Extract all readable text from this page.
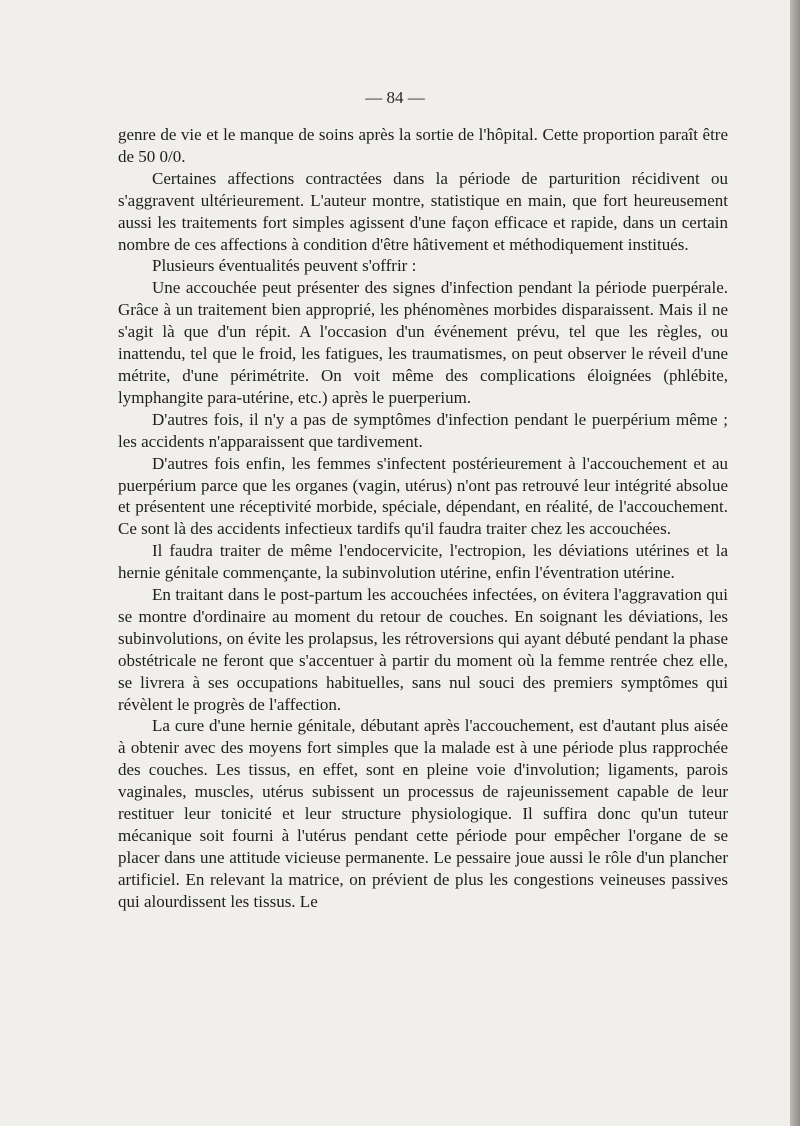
— 84 —

genre de vie et le manque de soins après la sortie de l'hôpital. Cette proportion paraît être de 50 0/0.

Certaines affections contractées dans la période de parturition récidivent ou s'aggravent ultérieurement. L'auteur montre, statistique en main, que fort heureusement aussi les traitements fort simples agissent d'une façon efficace et rapide, dans un certain nombre de ces affections à condition d'être hâtivement et méthodiquement institués.

Plusieurs éventualités peuvent s'offrir :

Une accouchée peut présenter des signes d'infection pendant la période puerpérale. Grâce à un traitement bien approprié, les phénomènes morbides disparaissent. Mais il ne s'agit là que d'un répit. A l'occasion d'un événement prévu, tel que les règles, ou inattendu, tel que le froid, les fatigues, les traumatismes, on peut observer le réveil d'une métrite, d'une périmétrite. On voit même des complications éloignées (phlébite, lymphangite para-utérine, etc.) après le puerperium.

D'autres fois, il n'y a pas de symptômes d'infection pendant le puerpérium même ; les accidents n'apparaissent que tardivement.

D'autres fois enfin, les femmes s'infectent postérieurement à l'accouchement et au puerpérium parce que les organes (vagin, utérus) n'ont pas retrouvé leur intégrité absolue et présentent une réceptivité morbide, spéciale, dépendant, en réalité, de l'accouchement. Ce sont là des accidents infectieux tardifs qu'il faudra traiter chez les accouchées.

Il faudra traiter de même l'endocervicite, l'ectropion, les déviations utérines et la hernie génitale commençante, la subinvolution utérine, enfin l'éventration utérine.

En traitant dans le post-partum les accouchées infectées, on évitera l'aggravation qui se montre d'ordinaire au moment du retour de couches. En soignant les déviations, les subinvolutions, on évite les prolapsus, les rétroversions qui ayant débuté pendant la phase obstétricale ne feront que s'accentuer à partir du moment où la femme rentrée chez elle, se livrera à ses occupations habituelles, sans nul souci des premiers symptômes qui révèlent le progrès de l'affection.

La cure d'une hernie génitale, débutant après l'accouchement, est d'autant plus aisée à obtenir avec des moyens fort simples que la malade est à une période plus rapprochée des couches. Les tissus, en effet, sont en pleine voie d'involution; ligaments, parois vaginales, muscles, utérus subissent un processus de rajeunissement capable de leur restituer leur tonicité et leur structure physiologique. Il suffira donc qu'un tuteur mécanique soit fourni à l'utérus pendant cette période pour empêcher l'organe de se placer dans une attitude vicieuse permanente. Le pessaire joue aussi le rôle d'un plancher artificiel. En relevant la matrice, on prévient de plus les congestions veineuses passives qui alourdissent les tissus. Le
